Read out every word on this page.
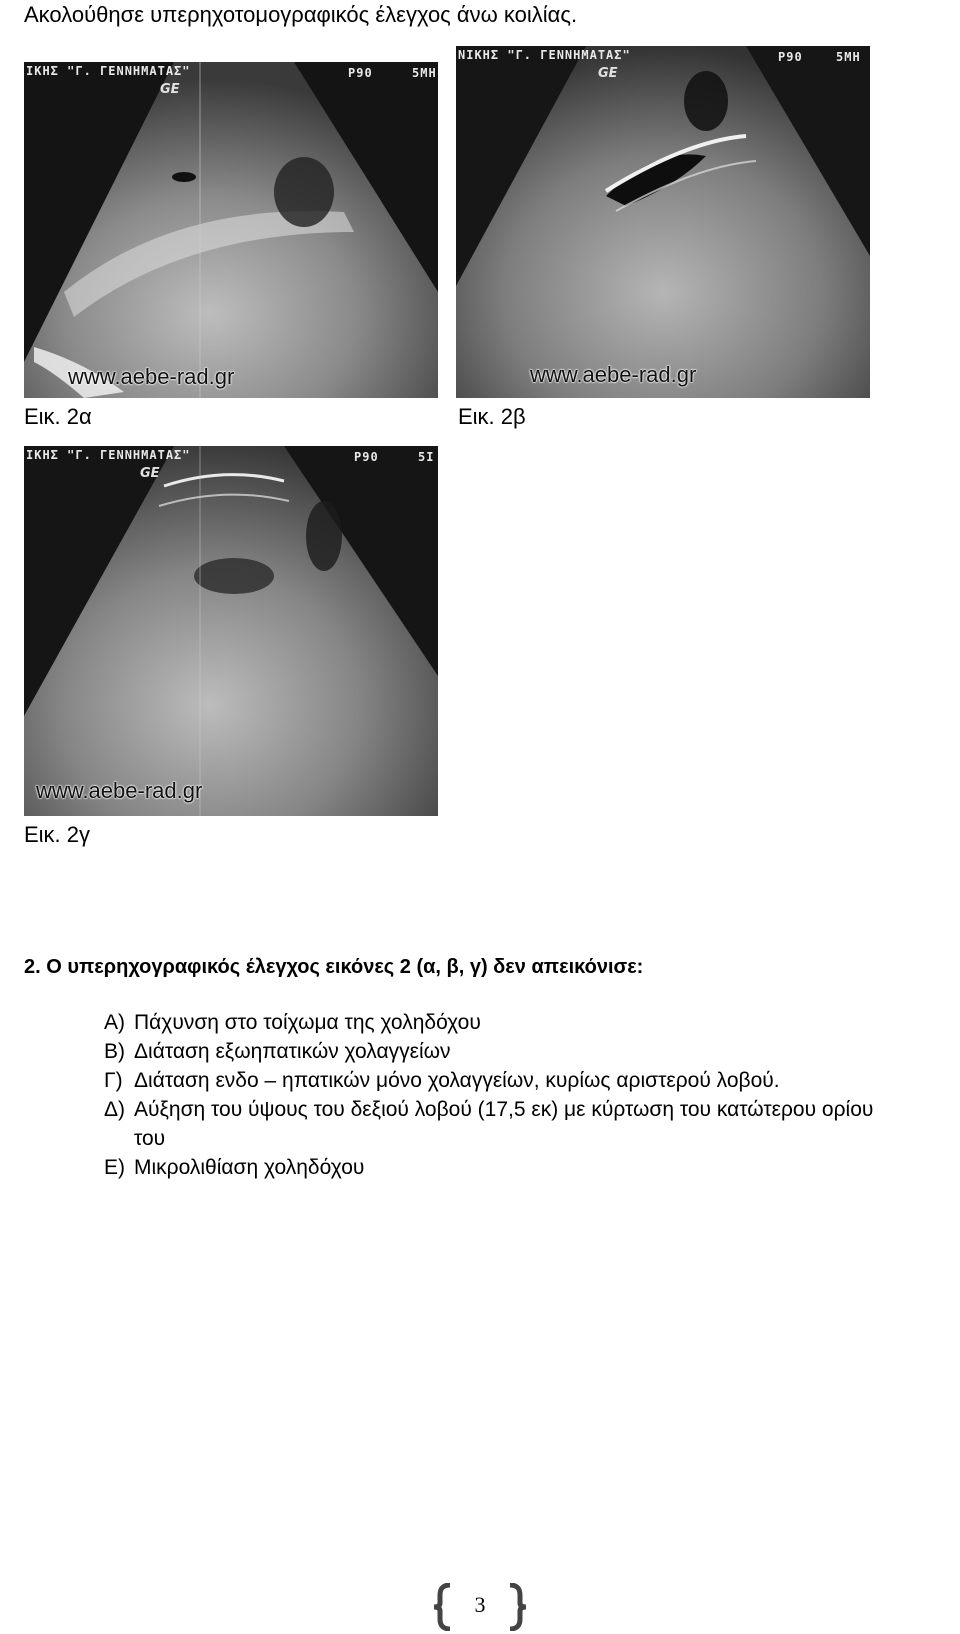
Ακολούθησε υπερηχοτομογραφικός έλεγχος άνω κοιλίας.
ΙΚΗΣ "Γ. ΓΕΝΝΗΜΑΤΑΣ"	P90	5ΜΗ
GE
www.aebe-rad.gr
Εικ. 2α
ΝΙΚΗΣ "Γ. ΓΕΝΝΗΜΑΤΑΣ"	P90	5ΜΗ
GE
www.aebe-rad.gr
Εικ. 2β
ΙΚΗΣ "Γ. ΓΕΝΝΗΜΑΤΑΣ"	P90	5Ι
GE
www.aebe-rad.gr
Εικ. 2γ
2. Ο υπερηχογραφικός έλεγχος εικόνες 2 (α, β, γ) δεν απεικόνισε:
Α) Πάχυνση στο τοίχωμα της χοληδόχου
Β) Διάταση εξωηπατικών χολαγγείων
Γ) Διάταση ενδο – ηπατικών μόνο χολαγγείων, κυρίως αριστερού λοβού.
Δ) Αύξηση του ύψους του δεξιού λοβού (17,5 εκ) με κύρτωση του κατώτερου ορίου του
Ε) Μικρολιθίαση χοληδόχου
3
